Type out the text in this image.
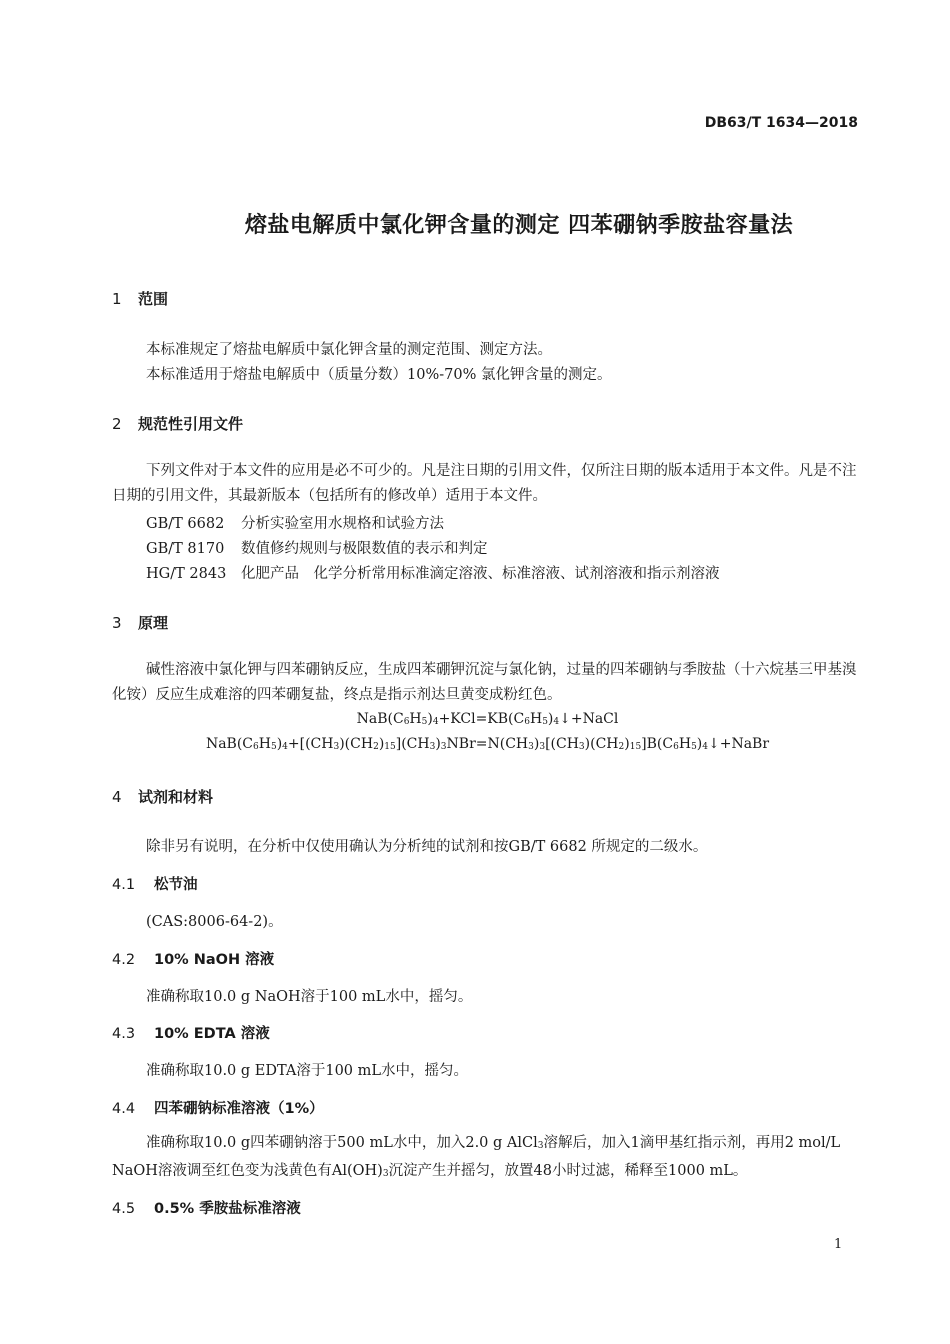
DB63/T 1634—2018
熔盐电解质中氯化钾含量的测定 四苯硼钠季胺盐容量法
1 范围
本标准规定了熔盐电解质中氯化钾含量的测定范围、测定方法。
本标准适用于熔盐电解质中（质量分数）10%-70% 氯化钾含量的测定。
2 规范性引用文件
下列文件对于本文件的应用是必不可少的。凡是注日期的引用文件，仅所注日期的版本适用于本文件。凡是不注日期的引用文件，其最新版本（包括所有的修改单）适用于本文件。
GB/T 6682 分析实验室用水规格和试验方法
GB/T 8170 数值修约规则与极限数值的表示和判定
HG/T 2843 化肥产品　化学分析常用标准滴定溶液、标准溶液、试剂溶液和指示剂溶液
3 原理
碱性溶液中氯化钾与四苯硼钠反应，生成四苯硼钾沉淀与氯化钠，过量的四苯硼钠与季胺盐（十六烷基三甲基溴化铵）反应生成难溶的四苯硼复盐，终点是指示剂达旦黄变成粉红色。
$NaB(C_6H_5)_4+KCl=KB(C_6H_5)_4↓+NaCl$
$NaB(C_6H_5)_4+[(CH_3)(CH_2)_{15}](CH_3)_3NBr=N(CH_3)_3[(CH_3)(CH_2)_{15}]B(C_6H_5)_4↓+NaBr$
4 试剂和材料
除非另有说明，在分析中仅使用确认为分析纯的试剂和按GB/T 6682 所规定的二级水。
4.1 松节油
(CAS:8006-64-2)。
4.2 10% NaOH 溶液
准确称取10.0 g NaOH溶于100 mL水中，摇匀。
4.3 10% EDTA 溶液
准确称取10.0 g EDTA溶于100 mL水中，摇匀。
4.4 四苯硼钠标准溶液（1%）
准确称取10.0 g四苯硼钠溶于500 mL水中，加入2.0 g AlCl$_3$溶解后，加入1滴甲基红指示剂，再用2 mol/L NaOH溶液调至红色变为浅黄色有$Al(OH)_3$沉淀产生并摇匀，放置48小时过滤，稀释至1000 mL。
4.5 0.5% 季胺盐标准溶液
1
